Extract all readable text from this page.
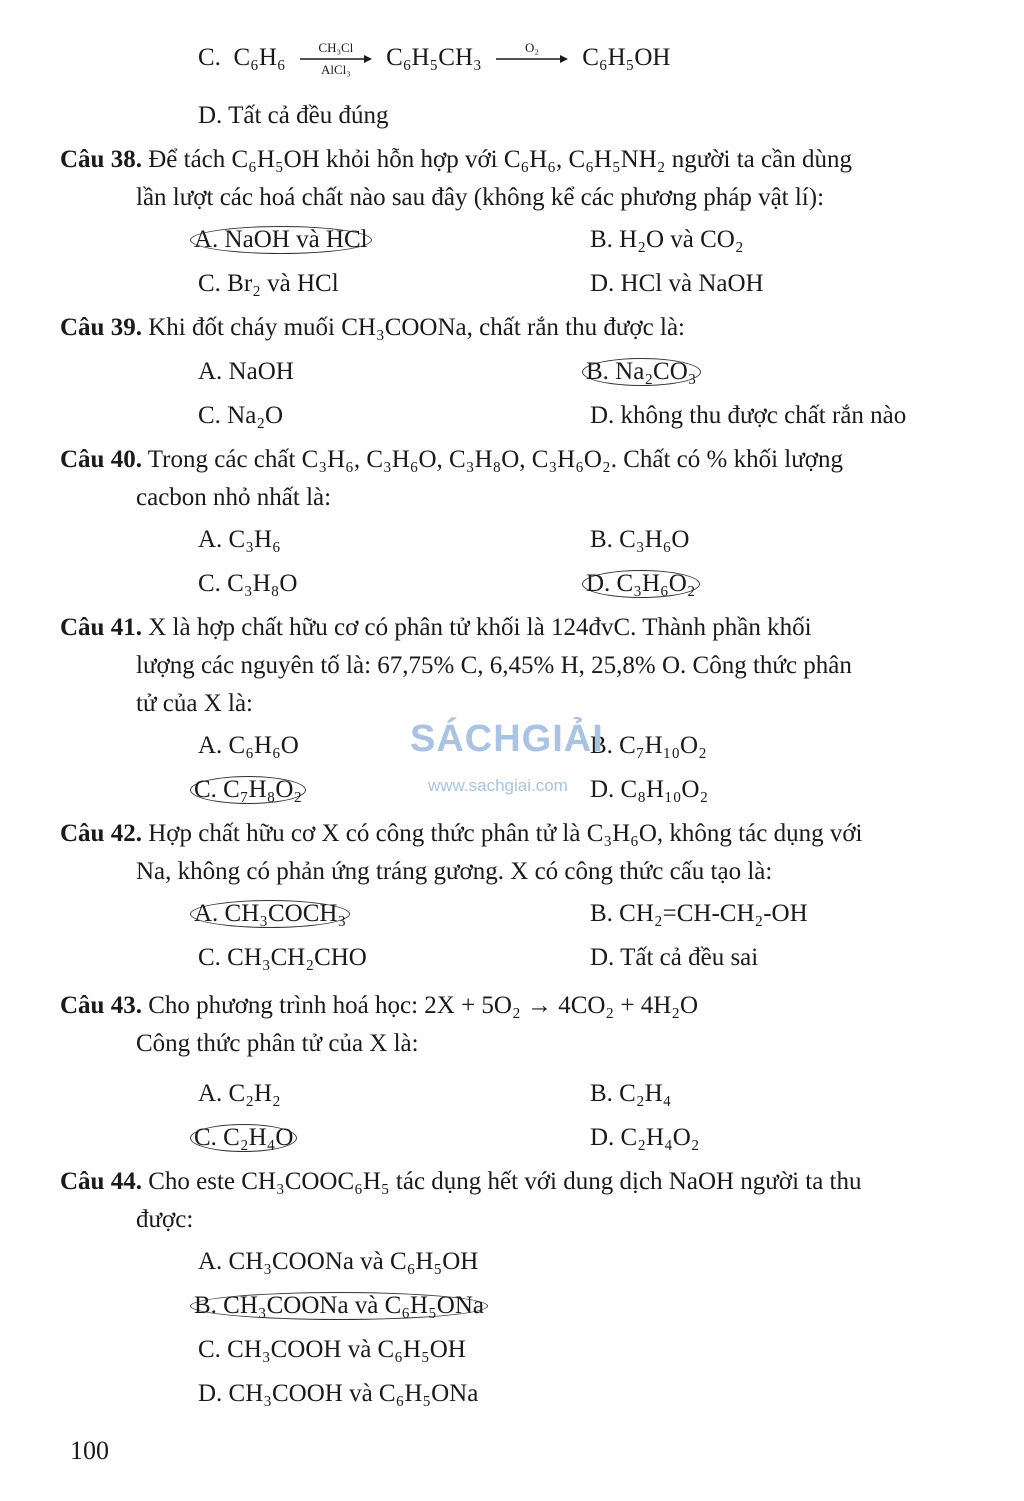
C. C₆H₆	CH₃Cl
AlCl₃	C₆H₅CH₃	O₂	C₆H₅OH
D. Tất cả đều đúng
Câu 38. Để tách C₆H₅OH khỏi hỗn hợp với C₆H₆, C₆H₅NH₂ người ta cần dùng
lần lượt các hoá chất nào sau đây (không kể các phương pháp vật lí):
A. NaOH và HCl	B. H₂O và CO₂
C. Br₂ và HCl	D. HCl và NaOH
Câu 39. Khi đốt cháy muối CH₃COONa, chất rắn thu được là:
A. NaOH	B. Na₂CO₃
C. Na₂O	D. không thu được chất rắn nào
Câu 40. Trong các chất C₃H₆, C₃H₆O, C₃H₈O, C₃H₆O₂. Chất có % khối lượng
cacbon nhỏ nhất là:
A. C₃H₆	B. C₃H₆O
C. C₃H₈O	D. C₃H₆O₂
Câu 41. X là hợp chất hữu cơ có phân tử khối là 124đvC. Thành phần khối
lượng các nguyên tố là: 67,75% C, 6,45% H, 25,8% O. Công thức phân
tử của X là:
A. C₆H₆O	B. C₇H₁₀O₂
C. C₇H₈O₂	D. C₈H₁₀O₂
Câu 42. Hợp chất hữu cơ X có công thức phân tử là C₃H₆O, không tác dụng với
Na, không có phản ứng tráng gương. X có công thức cấu tạo là:
A. CH₃COCH₃	B. CH₂=CH-CH₂-OH
C. CH₃CH₂CHO	D. Tất cả đều sai
Câu 43. Cho phương trình hoá học: 2X + 5O₂ → 4CO₂ + 4H₂O
Công thức phân tử của X là:
A. C₂H₂	B. C₂H₄
C. C₂H₄O	D. C₂H₄O₂
Câu 44. Cho este CH₃COOC₆H₅ tác dụng hết với dung dịch NaOH người ta thu
được:
A. CH₃COONa và C₆H₅OH
B. CH₃COONa và C₆H₅ONa
C. CH₃COOH và C₆H₅OH
D. CH₃COOH và C₆H₅ONa
SÁCHGIẢI
www.sachgiai.com
100
